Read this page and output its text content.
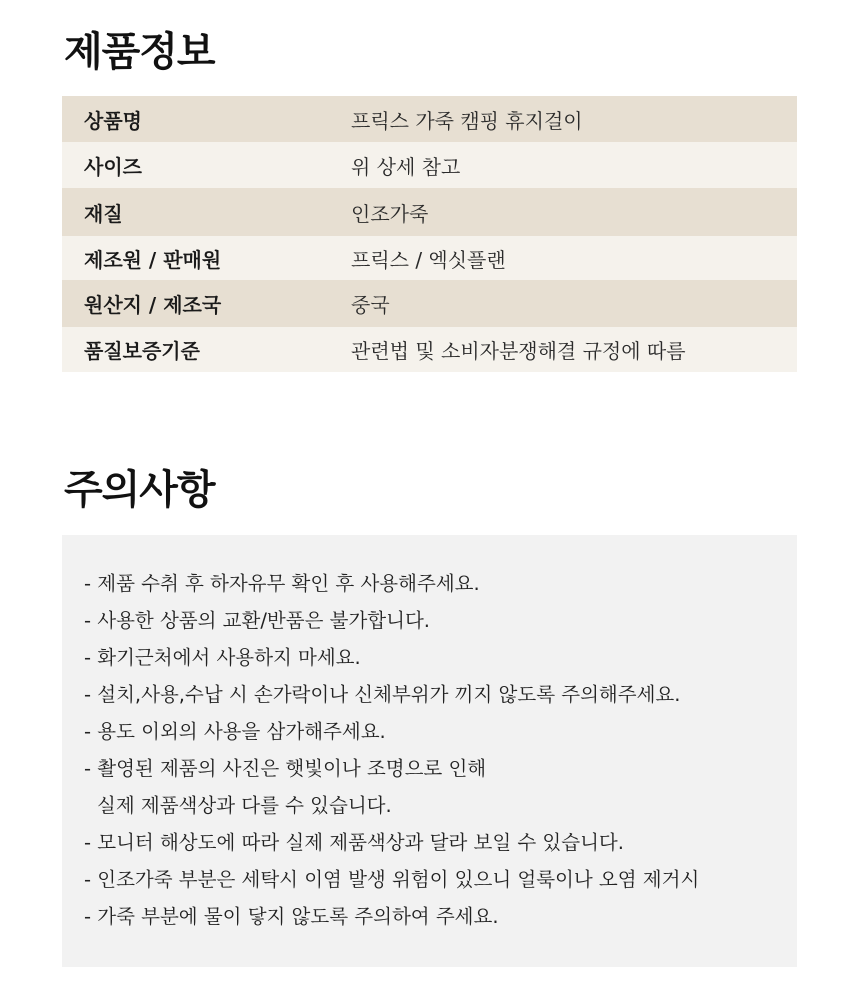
제품정보
상품명	프릭스 가죽 캠핑 휴지걸이
사이즈	위 상세 참고
재질	인조가죽
제조원 / 판매원	프릭스 / 엑싯플랜
원산지 / 제조국	중국
품질보증기준	관련법 및 소비자분쟁해결 규정에 따름
주의사항
- 제품 수취 후 하자유무 확인 후 사용해주세요.
- 사용한 상품의 교환/반품은 불가합니다.
- 화기근처에서 사용하지 마세요.
- 설치,사용,수납 시 손가락이나 신체부위가 끼지 않도록 주의해주세요.
- 용도 이외의 사용을 삼가해주세요.
- 촬영된 제품의 사진은 햇빛이나 조명으로 인해
실제 제품색상과 다를 수 있습니다.
- 모니터 해상도에 따라 실제 제품색상과 달라 보일 수 있습니다.
- 인조가죽 부분은 세탁시 이염 발생 위험이 있으니 얼룩이나 오염 제거시
- 가죽 부분에 물이 닿지 않도록 주의하여 주세요.
